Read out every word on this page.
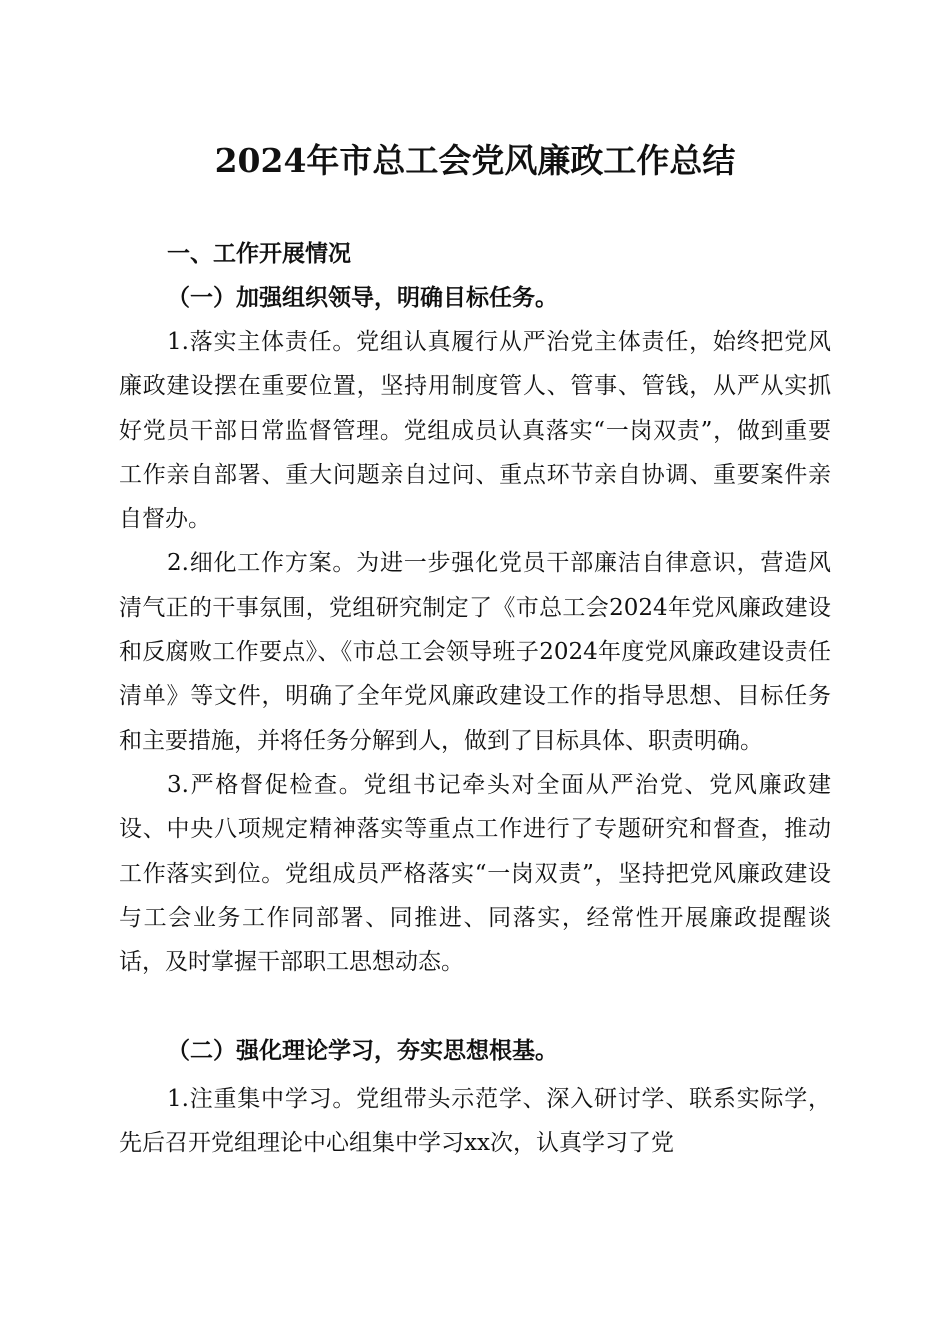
2024年市总工会党风廉政工作总结
一、工作开展情况
（一）加强组织领导，明确目标任务。

1.落实主体责任。党组认真履行从严治党主体责任，始终把党风廉政建设摆在重要位置，坚持用制度管人、管事、管钱，从严从实抓好党员干部日常监督管理。党组成员认真落实“一岗双责”，做到重要工作亲自部署、重大问题亲自过问、重点环节亲自协调、重要案件亲自督办。

2.细化工作方案。为进一步强化党员干部廉洁自律意识，营造风清气正的干事氛围，党组研究制定了《市总工会2024年党风廉政建设和反腐败工作要点》、《市总工会领导班子2024年度党风廉政建设责任清单》等文件，明确了全年党风廉政建设工作的指导思想、目标任务和主要措施，并将任务分解到人，做到了目标具体、职责明确。

3.严格督促检查。党组书记牵头对全面从严治党、党风廉政建设、中央八项规定精神落实等重点工作进行了专题研究和督查，推动工作落实到位。党组成员严格落实“一岗双责”，坚持把党风廉政建设与工会业务工作同部署、同推进、同落实，经常性开展廉政提醒谈话，及时掌握干部职工思想动态。

（二）强化理论学习，夯实思想根基。

1.注重集中学习。党组带头示范学、深入研讨学、联系实际学，先后召开党组理论中心组集中学习xx次，认真学习了党
